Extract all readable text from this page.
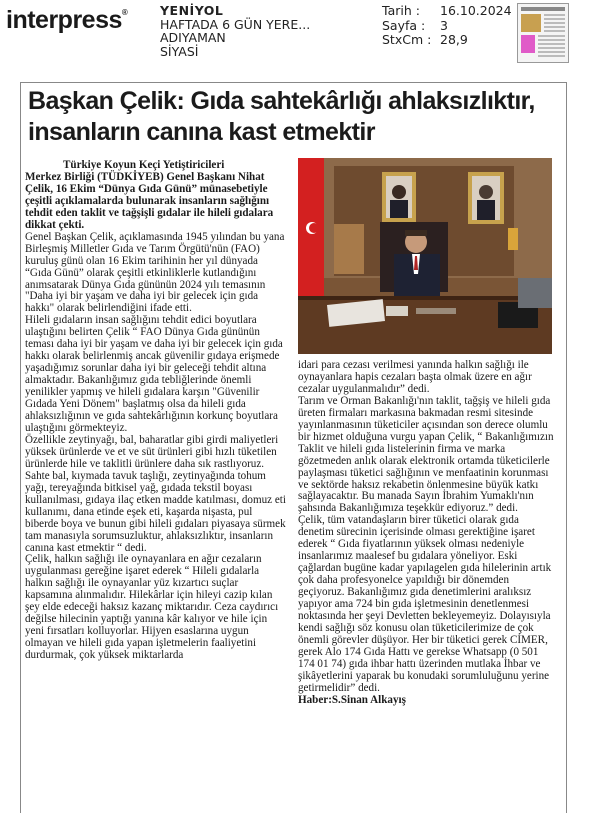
interpress®	YENİYOL
HAFTADA 6 GÜN YERE...
ADIYAMAN
SİYASİ
Tarih :	16.10.2024
Sayfa :	3
StxCm : 28,9
Başkan Çelik: Gıda sahtekârlığı ahlaksızlıktır,
insanların canına kast etmektir

Türkiye Koyun Keçi Yetiştiricileri

Merkez Birliği (TÜDKİYEB) Genel Başkanı Nihat Çelik, 16 Ekim “Dünya Gıda Günü” münasebetiyle çeşitli açıklamalarda bulunarak insanların sağlığını tehdit eden taklit ve tağşişli gıdalar ile hileli gıdalara dikkat çekti.

Genel Başkan Çelik, açıklamasında 1945 yılından bu yana Birleşmiş Milletler Gıda ve Tarım Örgütü'nün (FAO) kuruluş günü olan 16 Ekim tarihinin her yıl dünyada “Gıda Günü” olarak çeşitli etkinliklerle kutlandığını anımsatarak Dünya Gıda gününün 2024 yılı temasının "Daha iyi bir yaşam ve daha iyi bir gelecek için gıda hakkı" olarak belirlendiğini ifade etti.

Hileli gıdaların insan sağlığını tehdit edici boyutlara ulaştığını belirten Çelik “ FAO Dünya Gıda gününün teması daha iyi bir yaşam ve daha iyi bir gelecek için gıda hakkı olarak belirlenmiş ancak güvenilir gıdaya erişmede yaşadığımız sorunlar daha iyi bir geleceği tehdit altına almaktadır. Bakanlığımız gıda tebliğlerinde önemli yenilikler yapmış ve hileli gıdalara karşın "Güvenilir Gıdada Yeni Dönem" başlatmış olsa da hileli gıda ahlaksızlığının ve gıda sahtekârlığının korkunç boyutlara ulaştığını görmekteyiz.

Özellikle zeytinyağı, bal, baharatlar gibi girdi maliyetleri yüksek ürünlerde ve et ve süt ürünleri gibi hızlı tüketilen ürünlerde hile ve taklitli ürünlere daha sık rastlıyoruz. Sahte bal, kıymada tavuk taşlığı, zeytinyağında tohum yağı, tereyağında bitkisel yağ, gıdada tekstil boyası kullanılması, gıdaya ilaç etken madde katılması, domuz eti kullanımı, dana etinde eşek eti, kaşarda nişasta, pul biberde boya ve bunun gibi hileli gıdaları piyasaya sürmek tam manasıyla sorumsuzluktur, ahlaksızlıktır, insanların canına kast etmektir “ dedi.

Çelik, halkın sağlığı ile oynayanlara en ağır cezaların uygulanması gereğine işaret ederek “ Hileli gıdalarla halkın sağlığı ile oynayanlar yüz kızartıcı suçlar kapsamına alınmalıdır. Hilekârlar için hileyi cazip kılan şey elde edeceği haksız kazanç miktarıdır. Ceza caydırıcı değilse hilecinin yaptığı yanına kâr kalıyor ve hile için yeni fırsatları kolluyorlar. Hijyen esaslarına uygun olmayan ve hileli gıda yapan işletmelerin faaliyetini durdurmak, çok yüksek miktarlarda

idari para cezası verilmesi yanında halkın sağlığı ile oynayanlara hapis cezaları başta olmak üzere en ağır cezalar uygulanmalıdır” dedi.

Tarım ve Orman Bakanlığı'nın taklit, tağşiş ve hileli gıda üreten firmaları markasına bakmadan resmi sitesinde yayınlanmasının tüketiciler açısından son derece olumlu bir hizmet olduğuna vurgu yapan Çelik, “ Bakanlığımızın Taklit ve hileli gıda listelerinin firma ve marka gözetmeden anlık olarak elektronik ortamda tüketicilerle paylaşması tüketici sağlığının ve menfaatinin korunması ve sektörde haksız rekabetin önlenmesine büyük katkı sağlayacaktır. Bu manada Sayın İbrahim Yumaklı'nın şahsında Bakanlığımıza teşekkür ediyoruz.” dedi.

Çelik, tüm vatandaşların birer tüketici olarak gıda denetim sürecinin içerisinde olması gerektiğine işaret ederek “ Gıda fiyatlarının yüksek olması nedeniyle insanlarımız maalesef bu gıdalara yöneliyor. Eski çağlardan bugüne kadar yapılagelen gıda hilelerinin artık çok daha profesyonelce yapıldığı bir dönemden geçiyoruz. Bakanlığımız gıda denetimlerini aralıksız yapıyor ama 724 bin gıda işletmesinin denetlenmesi noktasında her şeyi Devletten bekleyemeyiz. Dolayısıyla kendi sağlığı söz konusu olan tüketicilerimize de çok önemli görevler düşüyor. Her bir tüketici gerek CİMER, gerek Alo 174 Gıda Hattı ve gerekse Whatsapp (0 501 174 01 74) gıda ihbar hattı üzerinden mutlaka İhbar ve şikâyetlerini yaparak bu konudaki sorumluluğunu yerine getirmelidir” dedi.

Haber:S.Sinan Alkayış
